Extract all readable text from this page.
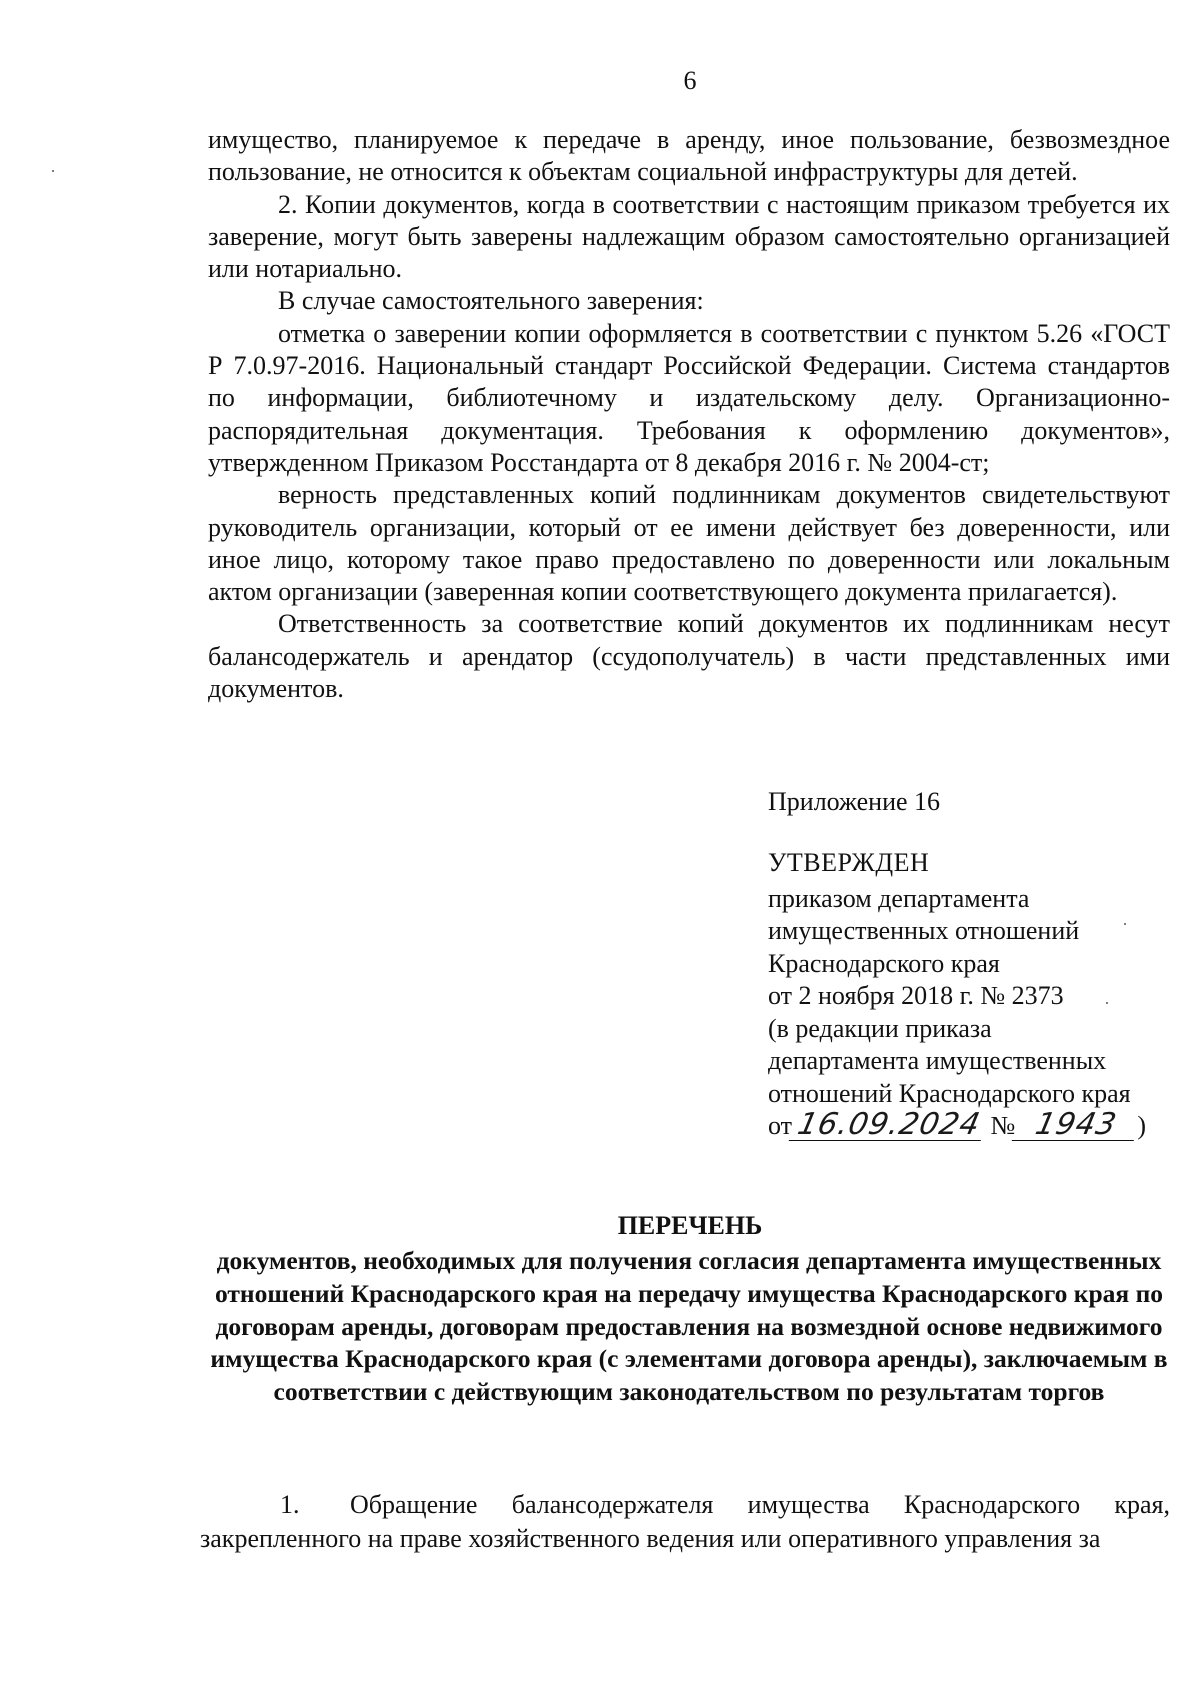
6

имущество, планируемое к передаче в аренду, иное пользование, безвозмездное пользование, не относится к объектам социальной инфраструктуры для детей.

2. Копии документов, когда в соответствии с настоящим приказом требуется их заверение, могут быть заверены надлежащим образом самостоятельно организацией или нотариально.

В случае самостоятельного заверения:

отметка о заверении копии оформляется в соответствии с пунктом 5.26 «ГОСТ Р 7.0.97-2016. Национальный стандарт Российской Федерации. Система стандартов по информации, библиотечному и издательскому делу. Организационно-распорядительная документация. Требования к оформлению документов», утвержденном Приказом Росстандарта от 8 декабря 2016 г. № 2004-ст;

верность представленных копий подлинникам документов свидетельствуют руководитель организации, который от ее имени действует без доверенности, или иное лицо, которому такое право предоставлено по доверенности или локальным актом организации (заверенная копии соответствующего документа прилагается).

Ответственность за соответствие копий документов их подлинникам несут балансодержатель и арендатор (ссудополучатель) в части представленных ими документов.

Приложение 16
УТВЕРЖДЕН
приказом департамента
имущественных отношений
Краснодарского края
от 2 ноября 2018 г. № 2373
(в редакции приказа
департамента имущественных
отношений Краснодарского края
от16.09.2024 № 1943 )
ПЕРЕЧЕНЬ
документов, необходимых для получения согласия департамента имущественных отношений Краснодарского края на передачу имущества Краснодарского края по договорам аренды, договорам предоставления на возмездной основе недвижимого имущества Краснодарского края (с элементами договора аренды), заключаемым в соответствии с действующим законодательством по результатам торгов

1. Обращение балансодержателя имущества Краснодарского края, закрепленного на праве хозяйственного ведения или оперативного управления за
